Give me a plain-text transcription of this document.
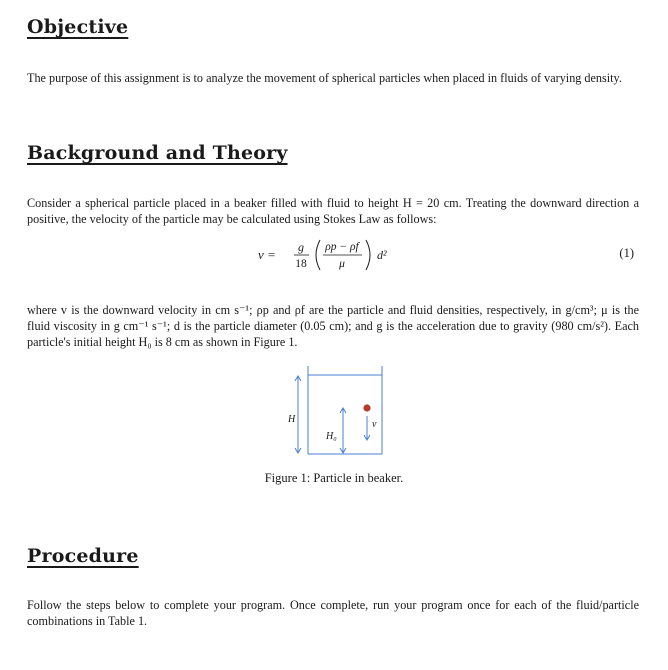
Objective

The purpose of this assignment is to analyze the movement of spherical particles when placed in fluids of varying density.

Background and Theory

Consider a spherical particle placed in a beaker filled with fluid to height H = 20 cm. Treating the downward direction a positive, the velocity of the particle may be calculated using Stokes Law as follows:

v = g
18
ρp − ρf
μ
d²	(1)

where v is the downward velocity in cm s⁻¹; ρp and ρf are the particle and fluid densities, respectively, in g/cm³; μ is the fluid viscosity in g cm⁻¹ s⁻¹; d is the particle diameter (0.05 cm); and g is the acceleration due to gravity (980 cm/s²). Each particle's initial height H₀ is 8 cm as shown in Figure 1.

H
H₀
v
Figure 1: Particle in beaker.
Procedure

Follow the steps below to complete your program. Once complete, run your program once for each of the fluid/particle combinations in Table 1.
